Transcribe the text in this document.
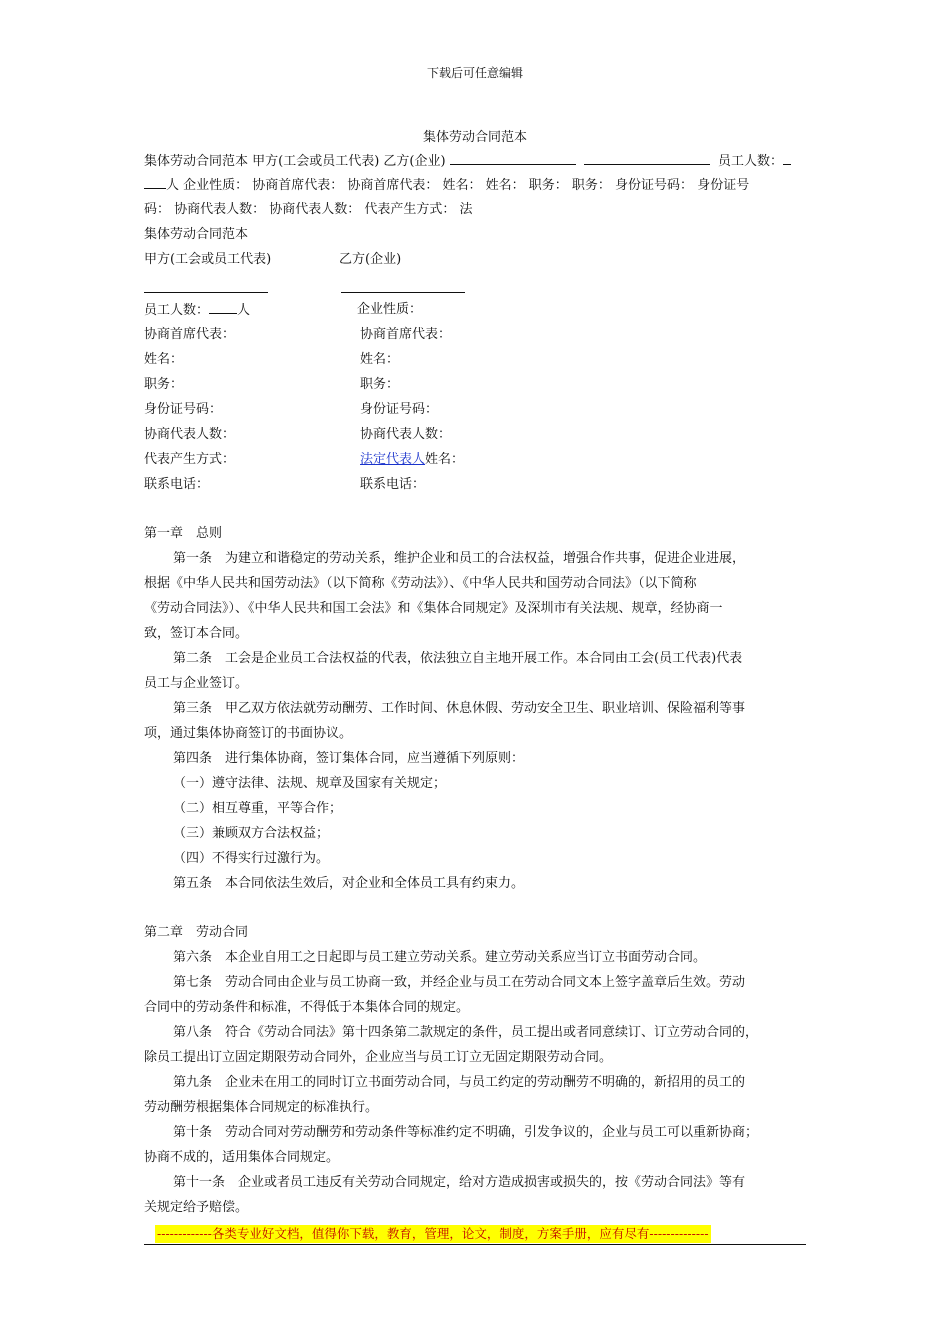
下载后可任意编辑
集体劳动合同范本
集体劳动合同范本 甲方(工会或员工代表) 乙方(企业)	员工人数：
人 企业性质： 协商首席代表： 协商首席代表： 姓名： 姓名： 职务： 职务： 身份证号码： 身份证号
码： 协商代表人数： 协商代表人数： 代表产生方式： 法
集体劳动合同范本
甲方(工会或员工代表)	乙方(企业)
员工人数： 人	企业性质：
协商首席代表：	协商首席代表：
姓名：	姓名：
职务：	职务：
身份证号码：	身份证号码：
协商代表人数：	协商代表人数：
代表产生方式：	法定代表人姓名：
联系电话：	联系电话：
第一章　总则
第一条　为建立和谐稳定的劳动关系，维护企业和员工的合法权益，增强合作共事，促进企业进展，
根据《中华人民共和国劳动法》（以下简称《劳动法》）、《中华人民共和国劳动合同法》（以下简称
《劳动合同法》）、《中华人民共和国工会法》和《集体合同规定》及深圳市有关法规、规章，经协商一
致，签订本合同。
第二条　工会是企业员工合法权益的代表，依法独立自主地开展工作。本合同由工会(员工代表)代表
员工与企业签订。
第三条　甲乙双方依法就劳动酬劳、工作时间、休息休假、劳动安全卫生、职业培训、保险福利等事
项，通过集体协商签订的书面协议。
第四条　进行集体协商，签订集体合同，应当遵循下列原则：
（一）遵守法律、法规、规章及国家有关规定；
（二）相互尊重，平等合作；
（三）兼顾双方合法权益；
（四）不得实行过激行为。
第五条　本合同依法生效后，对企业和全体员工具有约束力。
第二章　劳动合同
第六条　本企业自用工之日起即与员工建立劳动关系。建立劳动关系应当订立书面劳动合同。
第七条　劳动合同由企业与员工协商一致，并经企业与员工在劳动合同文本上签字盖章后生效。劳动
合同中的劳动条件和标准，不得低于本集体合同的规定。
第八条　符合《劳动合同法》第十四条第二款规定的条件，员工提出或者同意续订、订立劳动合同的，
除员工提出订立固定期限劳动合同外，企业应当与员工订立无固定期限劳动合同。
第九条　企业未在用工的同时订立书面劳动合同，与员工约定的劳动酬劳不明确的，新招用的员工的
劳动酬劳根据集体合同规定的标准执行。
第十条　劳动合同对劳动酬劳和劳动条件等标准约定不明确，引发争议的，企业与员工可以重新协商；
协商不成的，适用集体合同规定。
第十一条　企业或者员工违反有关劳动合同规定，给对方造成损害或损失的，按《劳动合同法》等有
关规定给予赔偿。
-------------各类专业好文档，值得你下载，教育，管理，论文，制度，方案手册，应有尽有--------------
